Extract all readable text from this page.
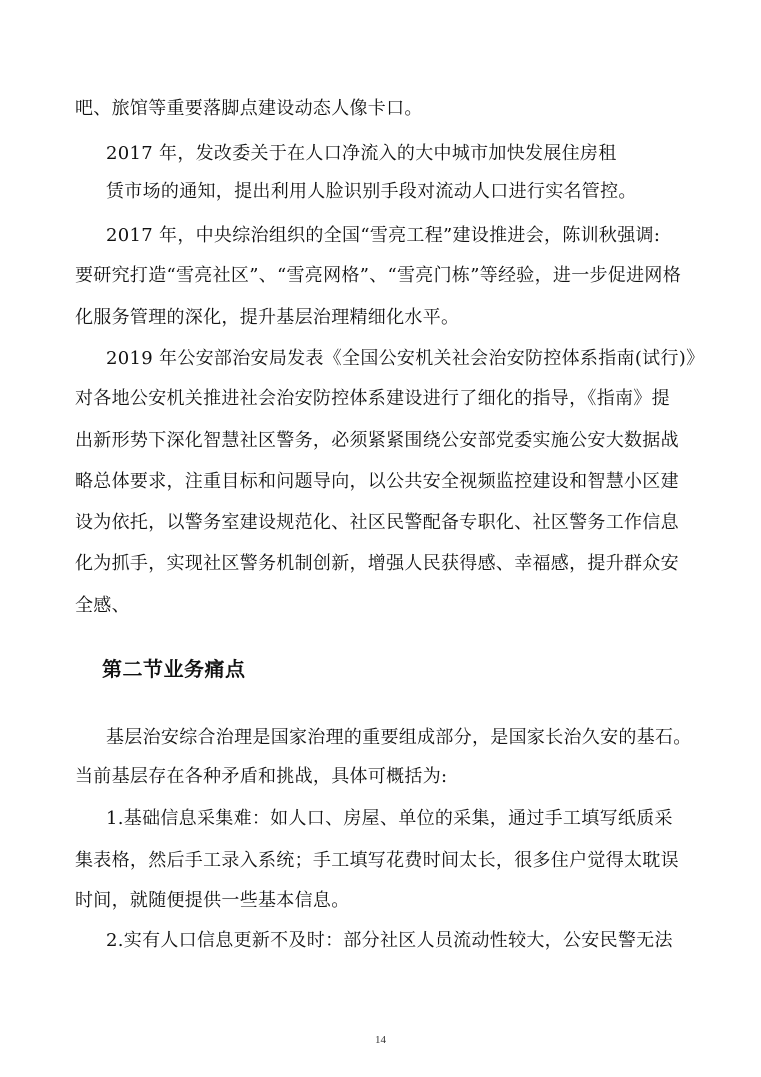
吧、旅馆等重要落脚点建设动态人像卡口。
2017 年，发改委关于在人口净流入的大中城市加快发展住房租
赁市场的通知，提出利用人脸识别手段对流动人口进行实名管控。
2017 年，中央综治组织的全国“雪亮工程”建设推进会，陈训秋强调:
要研究打造“雪亮社区”、“雪亮网格”、“雪亮门栋”等经验，进一步促进网格
化服务管理的深化，提升基层治理精细化水平。
2019 年公安部治安局发表《全国公安机关社会治安防控体系指南(试行)》
对各地公安机关推进社会治安防控体系建设进行了细化的指导，《指南》提
出新形势下深化智慧社区警务，必须紧紧围绕公安部党委实施公安大数据战
略总体要求，注重目标和问题导向，以公共安全视频监控建设和智慧小区建
设为依托，以警务室建设规范化、社区民警配备专职化、社区警务工作信息
化为抓手，实现社区警务机制创新，增强人民获得感、幸福感，提升群众安
全感、
第二节业务痛点
基层治安综合治理是国家治理的重要组成部分，是国家长治久安的基石。
当前基层存在各种矛盾和挑战，具体可概括为:
1.基础信息采集难：如人口、房屋、单位的采集，通过手工填写纸质采
集表格，然后手工录入系统；手工填写花费时间太长，很多住户觉得太耽误
时间，就随便提供一些基本信息。
2.实有人口信息更新不及时：部分社区人员流动性较大，公安民警无法
14
